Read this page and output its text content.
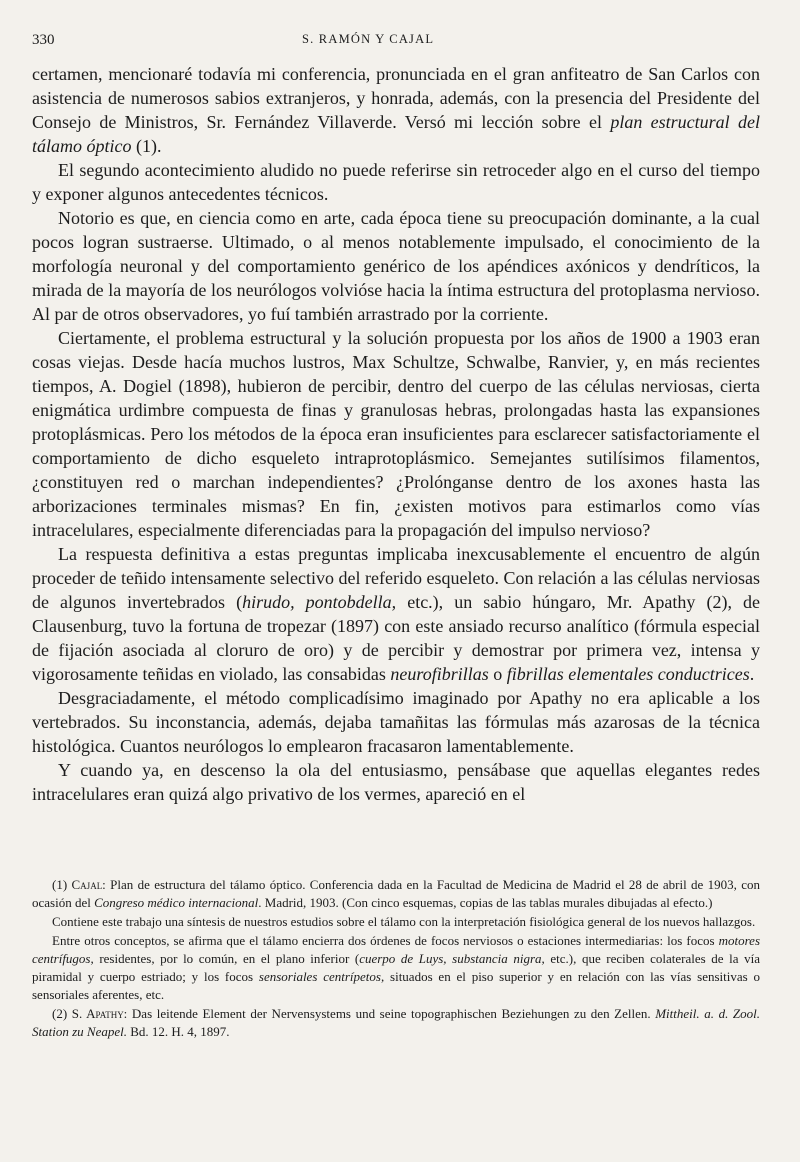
330	S. RAMÓN Y CAJAL

certamen, mencionaré todavía mi conferencia, pronunciada en el gran anfiteatro de San Carlos con asistencia de numerosos sabios extranjeros, y honrada, además, con la presencia del Presidente del Consejo de Ministros, Sr. Fernández Villaverde. Versó mi lección sobre el plan estructural del tálamo óptico (1).

El segundo acontecimiento aludido no puede referirse sin retroceder algo en el curso del tiempo y exponer algunos antecedentes técnicos.

Notorio es que, en ciencia como en arte, cada época tiene su preocupación dominante, a la cual pocos logran sustraerse. Ultimado, o al menos notablemente impulsado, el conocimiento de la morfología neuronal y del comportamiento genérico de los apéndices axónicos y dendríticos, la mirada de la mayoría de los neurólogos volvióse hacia la íntima estructura del protoplasma nervioso. Al par de otros observadores, yo fuí también arrastrado por la corriente.

Ciertamente, el problema estructural y la solución propuesta por los años de 1900 a 1903 eran cosas viejas. Desde hacía muchos lustros, Max Schultze, Schwalbe, Ranvier, y, en más recientes tiempos, A. Dogiel (1898), hubieron de percibir, dentro del cuerpo de las células nerviosas, cierta enigmática urdimbre compuesta de finas y granulosas hebras, prolongadas hasta las expansiones protoplásmicas. Pero los métodos de la época eran insuficientes para esclarecer satisfactoriamente el comportamiento de dicho esqueleto intraprotoplásmico. Semejantes sutilísimos filamentos, ¿constituyen red o marchan independientes? ¿Prolónganse dentro de los axones hasta las arborizaciones terminales mismas? En fin, ¿existen motivos para estimarlos como vías intracelulares, especialmente diferenciadas para la propagación del impulso nervioso?

La respuesta definitiva a estas preguntas implicaba inexcusablemente el encuentro de algún proceder de teñido intensamente selectivo del referido esqueleto. Con relación a las células nerviosas de algunos invertebrados (hirudo, pontobdella, etc.), un sabio húngaro, Mr. Apathy (2), de Clausenburg, tuvo la fortuna de tropezar (1897) con este ansiado recurso analítico (fórmula especial de fijación asociada al cloruro de oro) y de percibir y demostrar por primera vez, intensa y vigorosamente teñidas en violado, las consabidas neurofibrillas o fibrillas elementales conductrices.

Desgraciadamente, el método complicadísimo imaginado por Apathy no era aplicable a los vertebrados. Su inconstancia, además, dejaba tamañitas las fórmulas más azarosas de la técnica histológica. Cuantos neurólogos lo emplearon fracasaron lamentablemente.

Y cuando ya, en descenso la ola del entusiasmo, pensábase que aquellas elegantes redes intracelulares eran quizá algo privativo de los vermes, apareció en el

(1) Cajal: Plan de estructura del tálamo óptico. Conferencia dada en la Facultad de Medicina de Madrid el 28 de abril de 1903, con ocasión del Congreso médico internacional. Madrid, 1903. (Con cinco esquemas, copias de las tablas murales dibujadas al efecto.)

Contiene este trabajo una síntesis de nuestros estudios sobre el tálamo con la interpretación fisiológica general de los nuevos hallazgos.

Entre otros conceptos, se afirma que el tálamo encierra dos órdenes de focos nerviosos o estaciones intermediarias: los focos motores centrífugos, residentes, por lo común, en el plano inferior (cuerpo de Luys, substancia nigra, etc.), que reciben colaterales de la vía piramidal y cuerpo estriado; y los focos sensoriales centrípetos, situados en el piso superior y en relación con las vías sensitivas o sensoriales aferentes, etc.

(2) S. Apathy: Das leitende Element der Nervensystems und seine topographischen Beziehungen zu den Zellen. Mittheil. a. d. Zool. Station zu Neapel. Bd. 12. H. 4, 1897.
